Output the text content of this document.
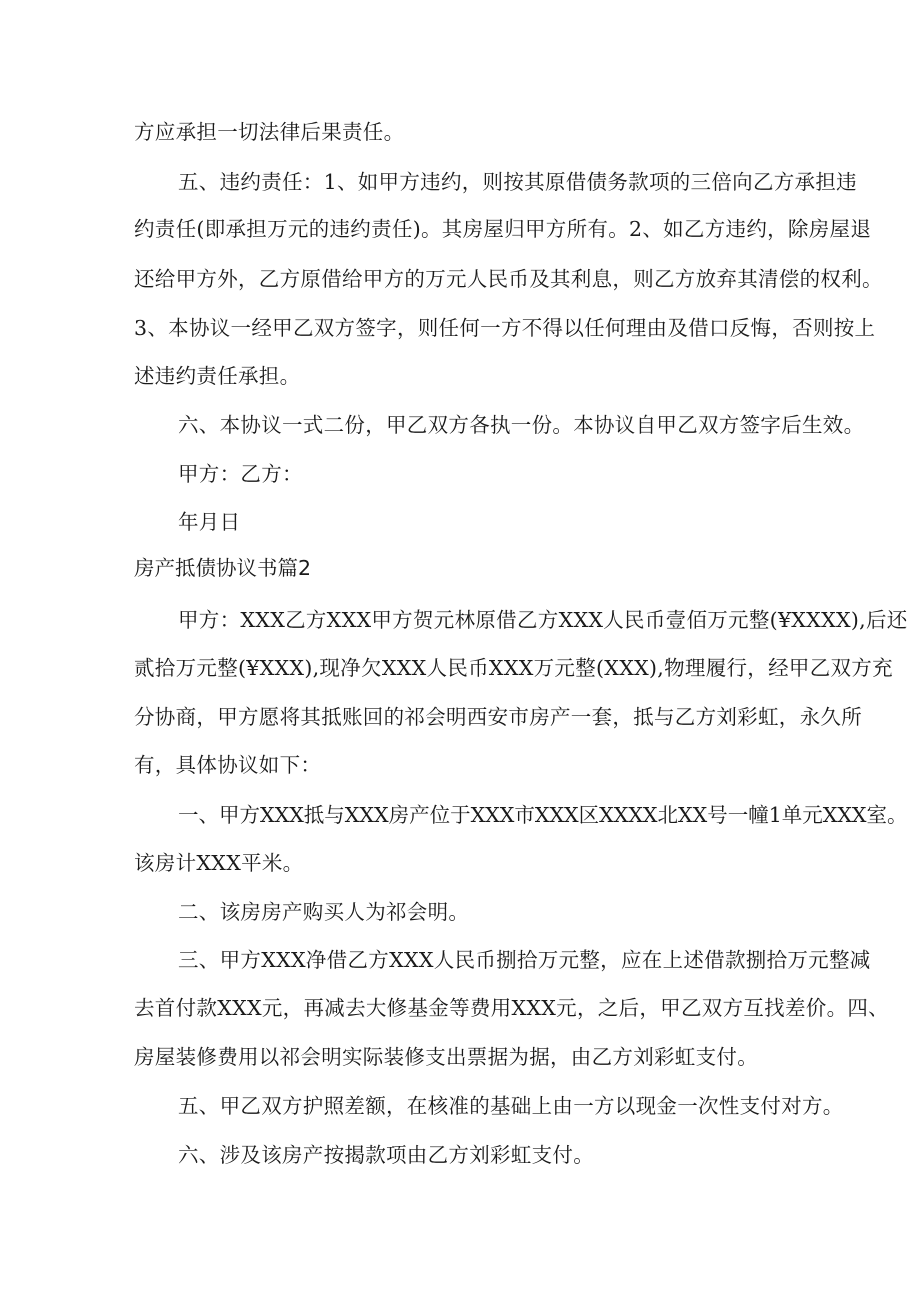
方应承担一切法律后果责任。

五、违约责任：1、如甲方违约，则按其原借债务款项的三倍向乙方承担违

约责任(即承担万元的违约责任)。其房屋归甲方所有。2、如乙方违约，除房屋退

还给甲方外，乙方原借给甲方的万元人民币及其利息，则乙方放弃其清偿的权利。

3、本协议一经甲乙双方签字，则任何一方不得以任何理由及借口反悔，否则按上

述违约责任承担。

六、本协议一式二份，甲乙双方各执一份。本协议自甲乙双方签字后生效。

甲方：乙方：

年月日

房产抵债协议书篇2

甲方：XXX乙方XXX甲方贺元林原借乙方XXX人民币壹佰万元整(¥XXXX),后还

贰拾万元整(¥XXX),现净欠XXX人民币XXX万元整(XXX),物理履行，经甲乙双方充

分协商，甲方愿将其抵账回的祁会明西安市房产一套，抵与乙方刘彩虹，永久所

有，具体协议如下：

一、甲方XXX抵与XXX房产位于XXX市XXX区XXXX北XX号一幢1单元XXX室。

该房计XXX平米。

二、该房房产购买人为祁会明。

三、甲方XXX净借乙方XXX人民币捌拾万元整，应在上述借款捌拾万元整减

去首付款XXX元，再减去大修基金等费用XXX元，之后，甲乙双方互找差价。四、

房屋装修费用以祁会明实际装修支出票据为据，由乙方刘彩虹支付。

五、甲乙双方护照差额，在核准的基础上由一方以现金一次性支付对方。

六、涉及该房产按揭款项由乙方刘彩虹支付。
